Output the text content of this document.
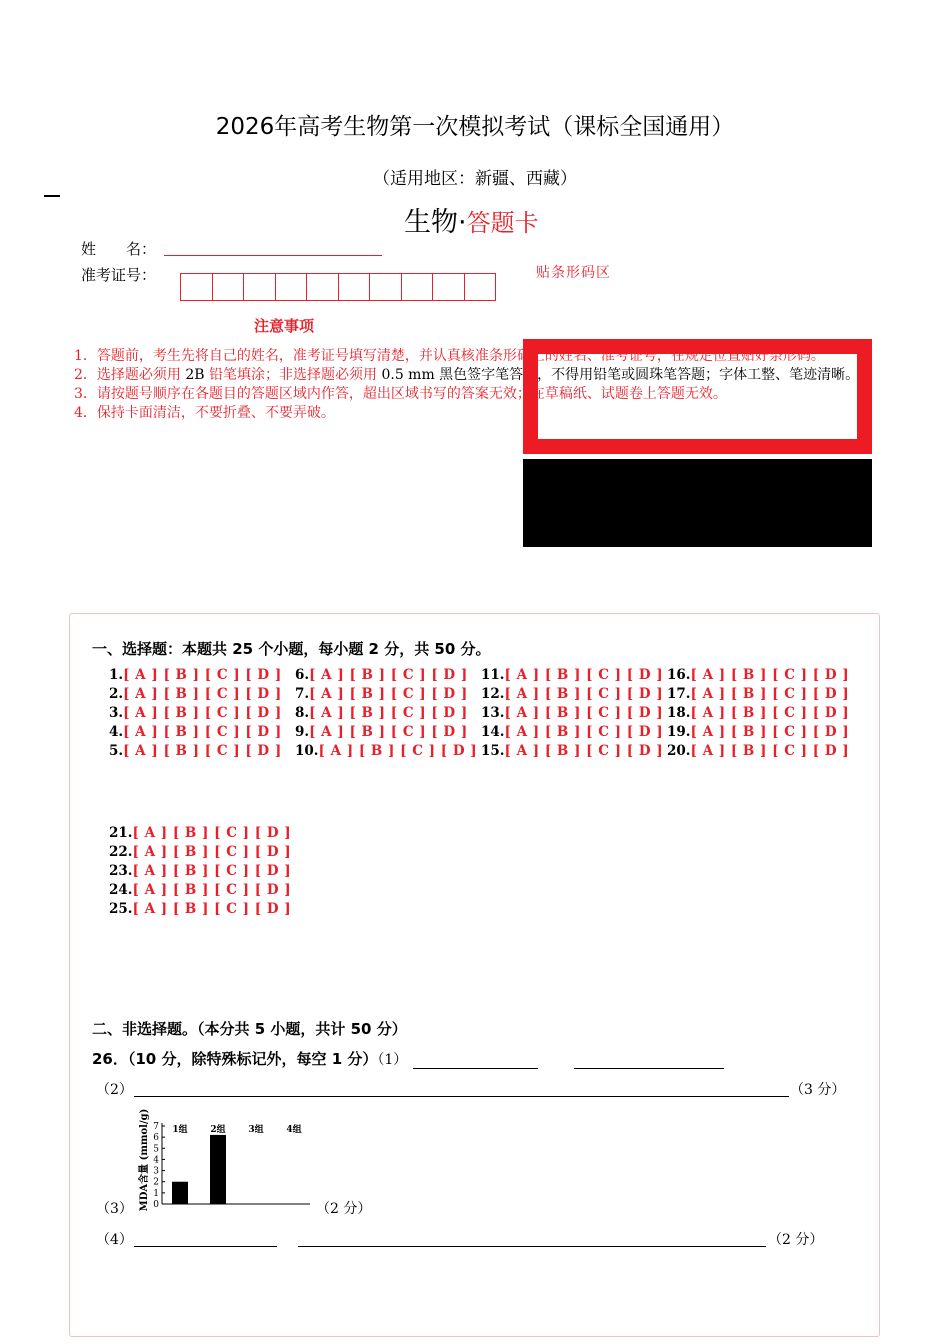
2026年高考生物第一次模拟考试（课标全国通用）
（适用地区：新疆、西藏）
生物·答题卡
姓　　名：
准考证号：	贴条形码区
注意事项
1．答题前，考生先将自己的姓名，准考证号填写清楚，并认真核准条形码上的姓名、准考证号，在规定位置贴好条形码。
2．选择题必须用 2B 铅笔填涂；非选择题必须用 0.5 mm 黑色签字笔答题，不得用铅笔或圆珠笔答题；字体工整、笔迹清晰。
3．请按题号顺序在各题目的答题区域内作答，超出区域书写的答案无效；在草稿纸、试题卷上答题无效。
4．保持卡面清洁，不要折叠、不要弄破。
一、选择题：本题共 25 个小题，每小题 2 分，共 50 分。
1.[ A ] [ B ] [ C ] [ D ]
2.[ A ] [ B ] [ C ] [ D ]
3.[ A ] [ B ] [ C ] [ D ]
4.[ A ] [ B ] [ C ] [ D ]
5.[ A ] [ B ] [ C ] [ D ]
6.[ A ] [ B ] [ C ] [ D ]
7.[ A ] [ B ] [ C ] [ D ]
8.[ A ] [ B ] [ C ] [ D ]
9.[ A ] [ B ] [ C ] [ D ]
10.[ A ] [ B ] [ C ] [ D ]
11.[ A ] [ B ] [ C ] [ D ]
12.[ A ] [ B ] [ C ] [ D ]
13.[ A ] [ B ] [ C ] [ D ]
14.[ A ] [ B ] [ C ] [ D ]
15.[ A ] [ B ] [ C ] [ D ]
16.[ A ] [ B ] [ C ] [ D ]
17.[ A ] [ B ] [ C ] [ D ]
18.[ A ] [ B ] [ C ] [ D ]
19.[ A ] [ B ] [ C ] [ D ]
20.[ A ] [ B ] [ C ] [ D ]
21.[ A ] [ B ] [ C ] [ D ]
22.[ A ] [ B ] [ C ] [ D ]
23.[ A ] [ B ] [ C ] [ D ]
24.[ A ] [ B ] [ C ] [ D ]
25.[ A ] [ B ] [ C ] [ D ]
二、非选择题。（本分共 5 小题，共计 50 分）
26．（10 分，除特殊标记外，每空 1 分）（1）
（2）	（3 分）
（3） MDA含量 (mmol/g) 0
1
2
3
4
5
6
7 1组	2组	3组	4组
（2 分）
（4）	（2 分）
